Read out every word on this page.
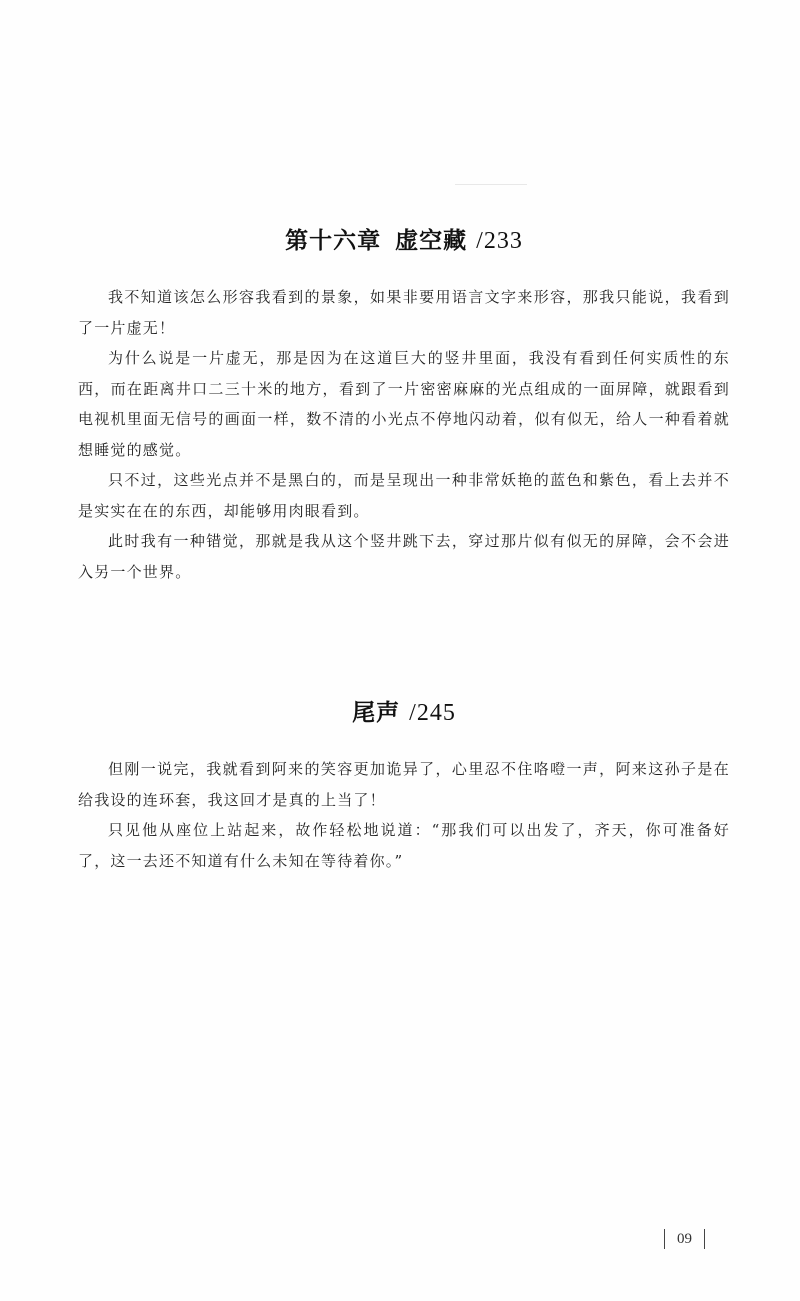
第十六章 虚空藏 /233

我不知道该怎么形容我看到的景象，如果非要用语言文字来形容，那我只能说，我看到了一片虚无！

为什么说是一片虚无，那是因为在这道巨大的竖井里面，我没有看到任何实质性的东西，而在距离井口二三十米的地方，看到了一片密密麻麻的光点组成的一面屏障，就跟看到电视机里面无信号的画面一样，数不清的小光点不停地闪动着，似有似无，给人一种看着就想睡觉的感觉。

只不过，这些光点并不是黑白的，而是呈现出一种非常妖艳的蓝色和紫色，看上去并不是实实在在的东西，却能够用肉眼看到。

此时我有一种错觉，那就是我从这个竖井跳下去，穿过那片似有似无的屏障，会不会进入另一个世界。

尾声 /245

但刚一说完，我就看到阿来的笑容更加诡异了，心里忍不住咯噔一声，阿来这孙子是在给我设的连环套，我这回才是真的上当了！

只见他从座位上站起来，故作轻松地说道：“那我们可以出发了，齐天，你可准备好了，这一去还不知道有什么未知在等待着你。”

09
